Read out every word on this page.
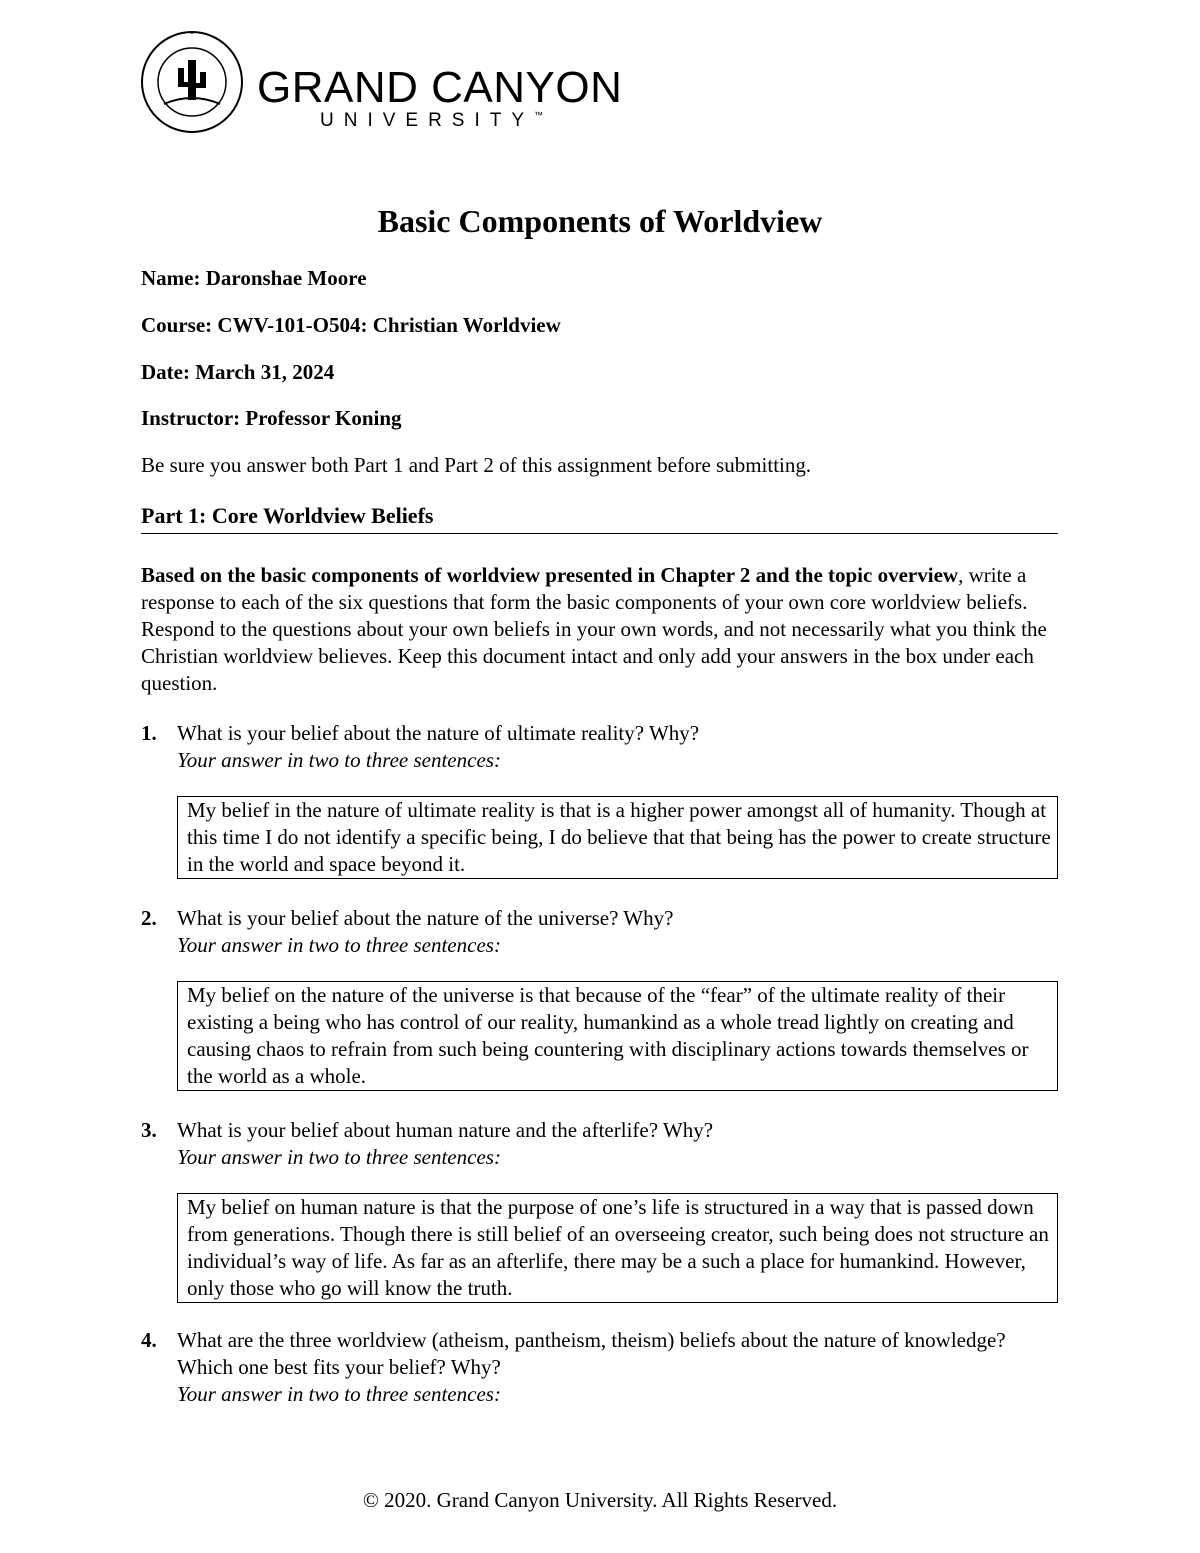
GRAND CANYON
UNIVERSITY™
Basic Components of Worldview

Name: Daronshae Moore

Course: CWV-101-O504: Christian Worldview

Date: March 31, 2024

Instructor: Professor Koning

Be sure you answer both Part 1 and Part 2 of this assignment before submitting.

Part 1: Core Worldview Beliefs

Based on the basic components of worldview presented in Chapter 2 and the topic overview, write a response to each of the six questions that form the basic components of your own core worldview beliefs. Respond to the questions about your own beliefs in your own words, and not necessarily what you think the Christian worldview believes. Keep this document intact and only add your answers in the box under each question.

1. What is your belief about the nature of ultimate reality? Why?
Your answer in two to three sentences:
My belief in the nature of ultimate reality is that is a higher power amongst all of humanity. Though at this time I do not identify a specific being, I do believe that that being has the power to create structure in the world and space beyond it.
2. What is your belief about the nature of the universe? Why?
Your answer in two to three sentences:
My belief on the nature of the universe is that because of the “fear” of the ultimate reality of their existing a being who has control of our reality, humankind as a whole tread lightly on creating and causing chaos to refrain from such being countering with disciplinary actions towards themselves or the world as a whole.
3. What is your belief about human nature and the afterlife? Why?
Your answer in two to three sentences:
My belief on human nature is that the purpose of one’s life is structured in a way that is passed down from generations. Though there is still belief of an overseeing creator, such being does not structure an individual’s way of life. As far as an afterlife, there may be a such a place for humankind. However, only those who go will know the truth.
4. What are the three worldview (atheism, pantheism, theism) beliefs about the nature of knowledge? Which one best fits your belief? Why?
Your answer in two to three sentences:

© 2020. Grand Canyon University. All Rights Reserved.
